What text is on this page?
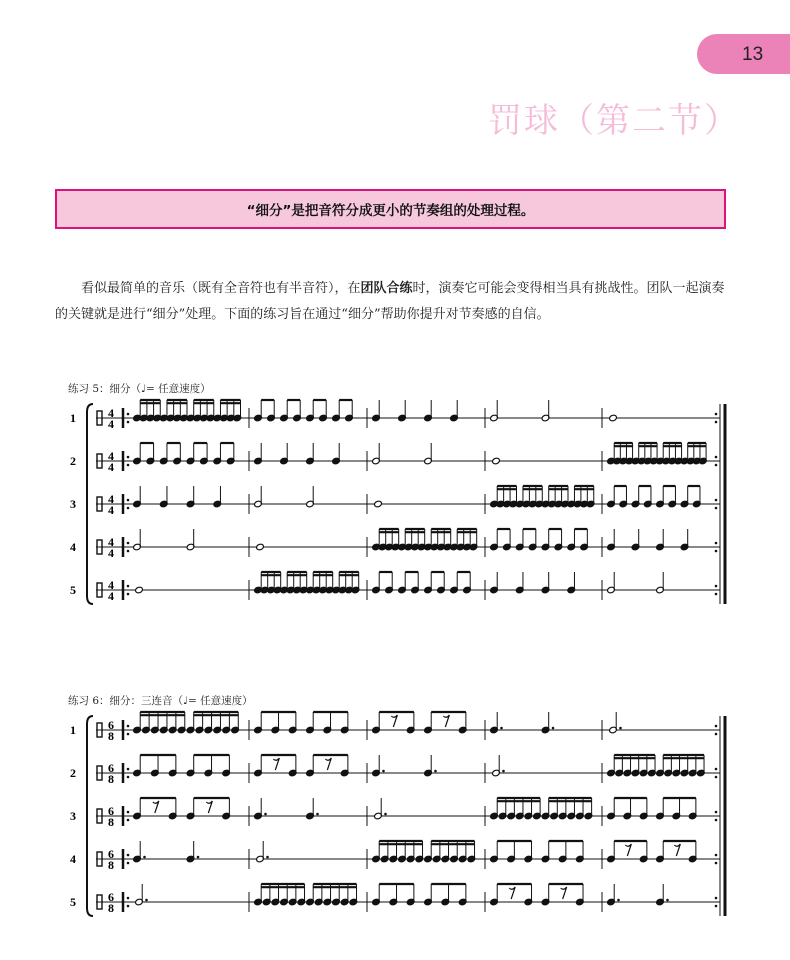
13
罚球（第二节）
“细分”是把音符分成更小的节奏组的处理过程。
看似最简单的音乐（既有全音符也有半音符），在团队合练时，演奏它可能会变得相当具有挑战性。团队一起演奏的关键就是进行“细分”处理。下面的练习旨在通过“细分”帮助你提升对节奏感的自信。
练习 5：细分（♩= 任意速度）
1	4
4
2	4
4
3	4
4
4	4
4
5	4
4
练习 6：细分：三连音（♩= 任意速度）
1	6
8
2	6
8
3	6
8
4	6
8
5	6
8
